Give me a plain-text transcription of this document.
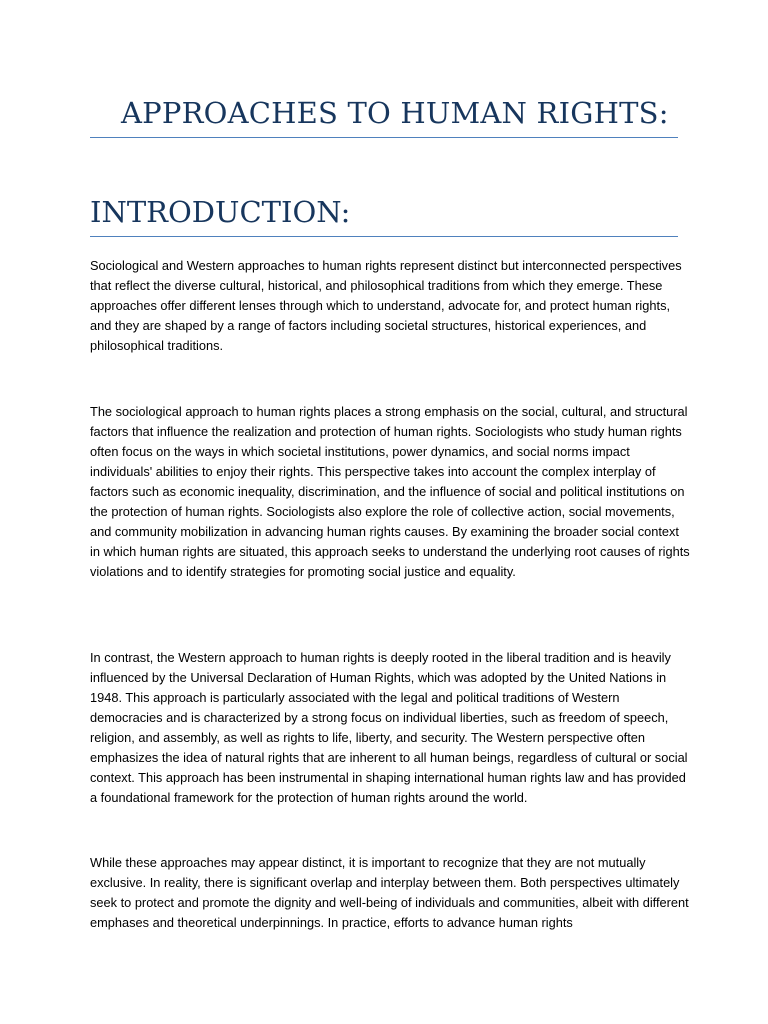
APPROACHES TO HUMAN RIGHTS:
INTRODUCTION:

Sociological and Western approaches to human rights represent distinct but interconnected perspectives that reflect the diverse cultural, historical, and philosophical traditions from which they emerge. These approaches offer different lenses through which to understand, advocate for, and protect human rights, and they are shaped by a range of factors including societal structures, historical experiences, and philosophical traditions.

The sociological approach to human rights places a strong emphasis on the social, cultural, and structural factors that influence the realization and protection of human rights. Sociologists who study human rights often focus on the ways in which societal institutions, power dynamics, and social norms impact individuals' abilities to enjoy their rights. This perspective takes into account the complex interplay of factors such as economic inequality, discrimination, and the influence of social and political institutions on the protection of human rights. Sociologists also explore the role of collective action, social movements, and community mobilization in advancing human rights causes. By examining the broader social context in which human rights are situated, this approach seeks to understand the underlying root causes of rights violations and to identify strategies for promoting social justice and equality.

In contrast, the Western approach to human rights is deeply rooted in the liberal tradition and is heavily influenced by the Universal Declaration of Human Rights, which was adopted by the United Nations in 1948. This approach is particularly associated with the legal and political traditions of Western democracies and is characterized by a strong focus on individual liberties, such as freedom of speech, religion, and assembly, as well as rights to life, liberty, and security. The Western perspective often emphasizes the idea of natural rights that are inherent to all human beings, regardless of cultural or social context. This approach has been instrumental in shaping international human rights law and has provided a foundational framework for the protection of human rights around the world.

While these approaches may appear distinct, it is important to recognize that they are not mutually exclusive. In reality, there is significant overlap and interplay between them. Both perspectives ultimately seek to protect and promote the dignity and well-being of individuals and communities, albeit with different emphases and theoretical underpinnings. In practice, efforts to advance human rights
